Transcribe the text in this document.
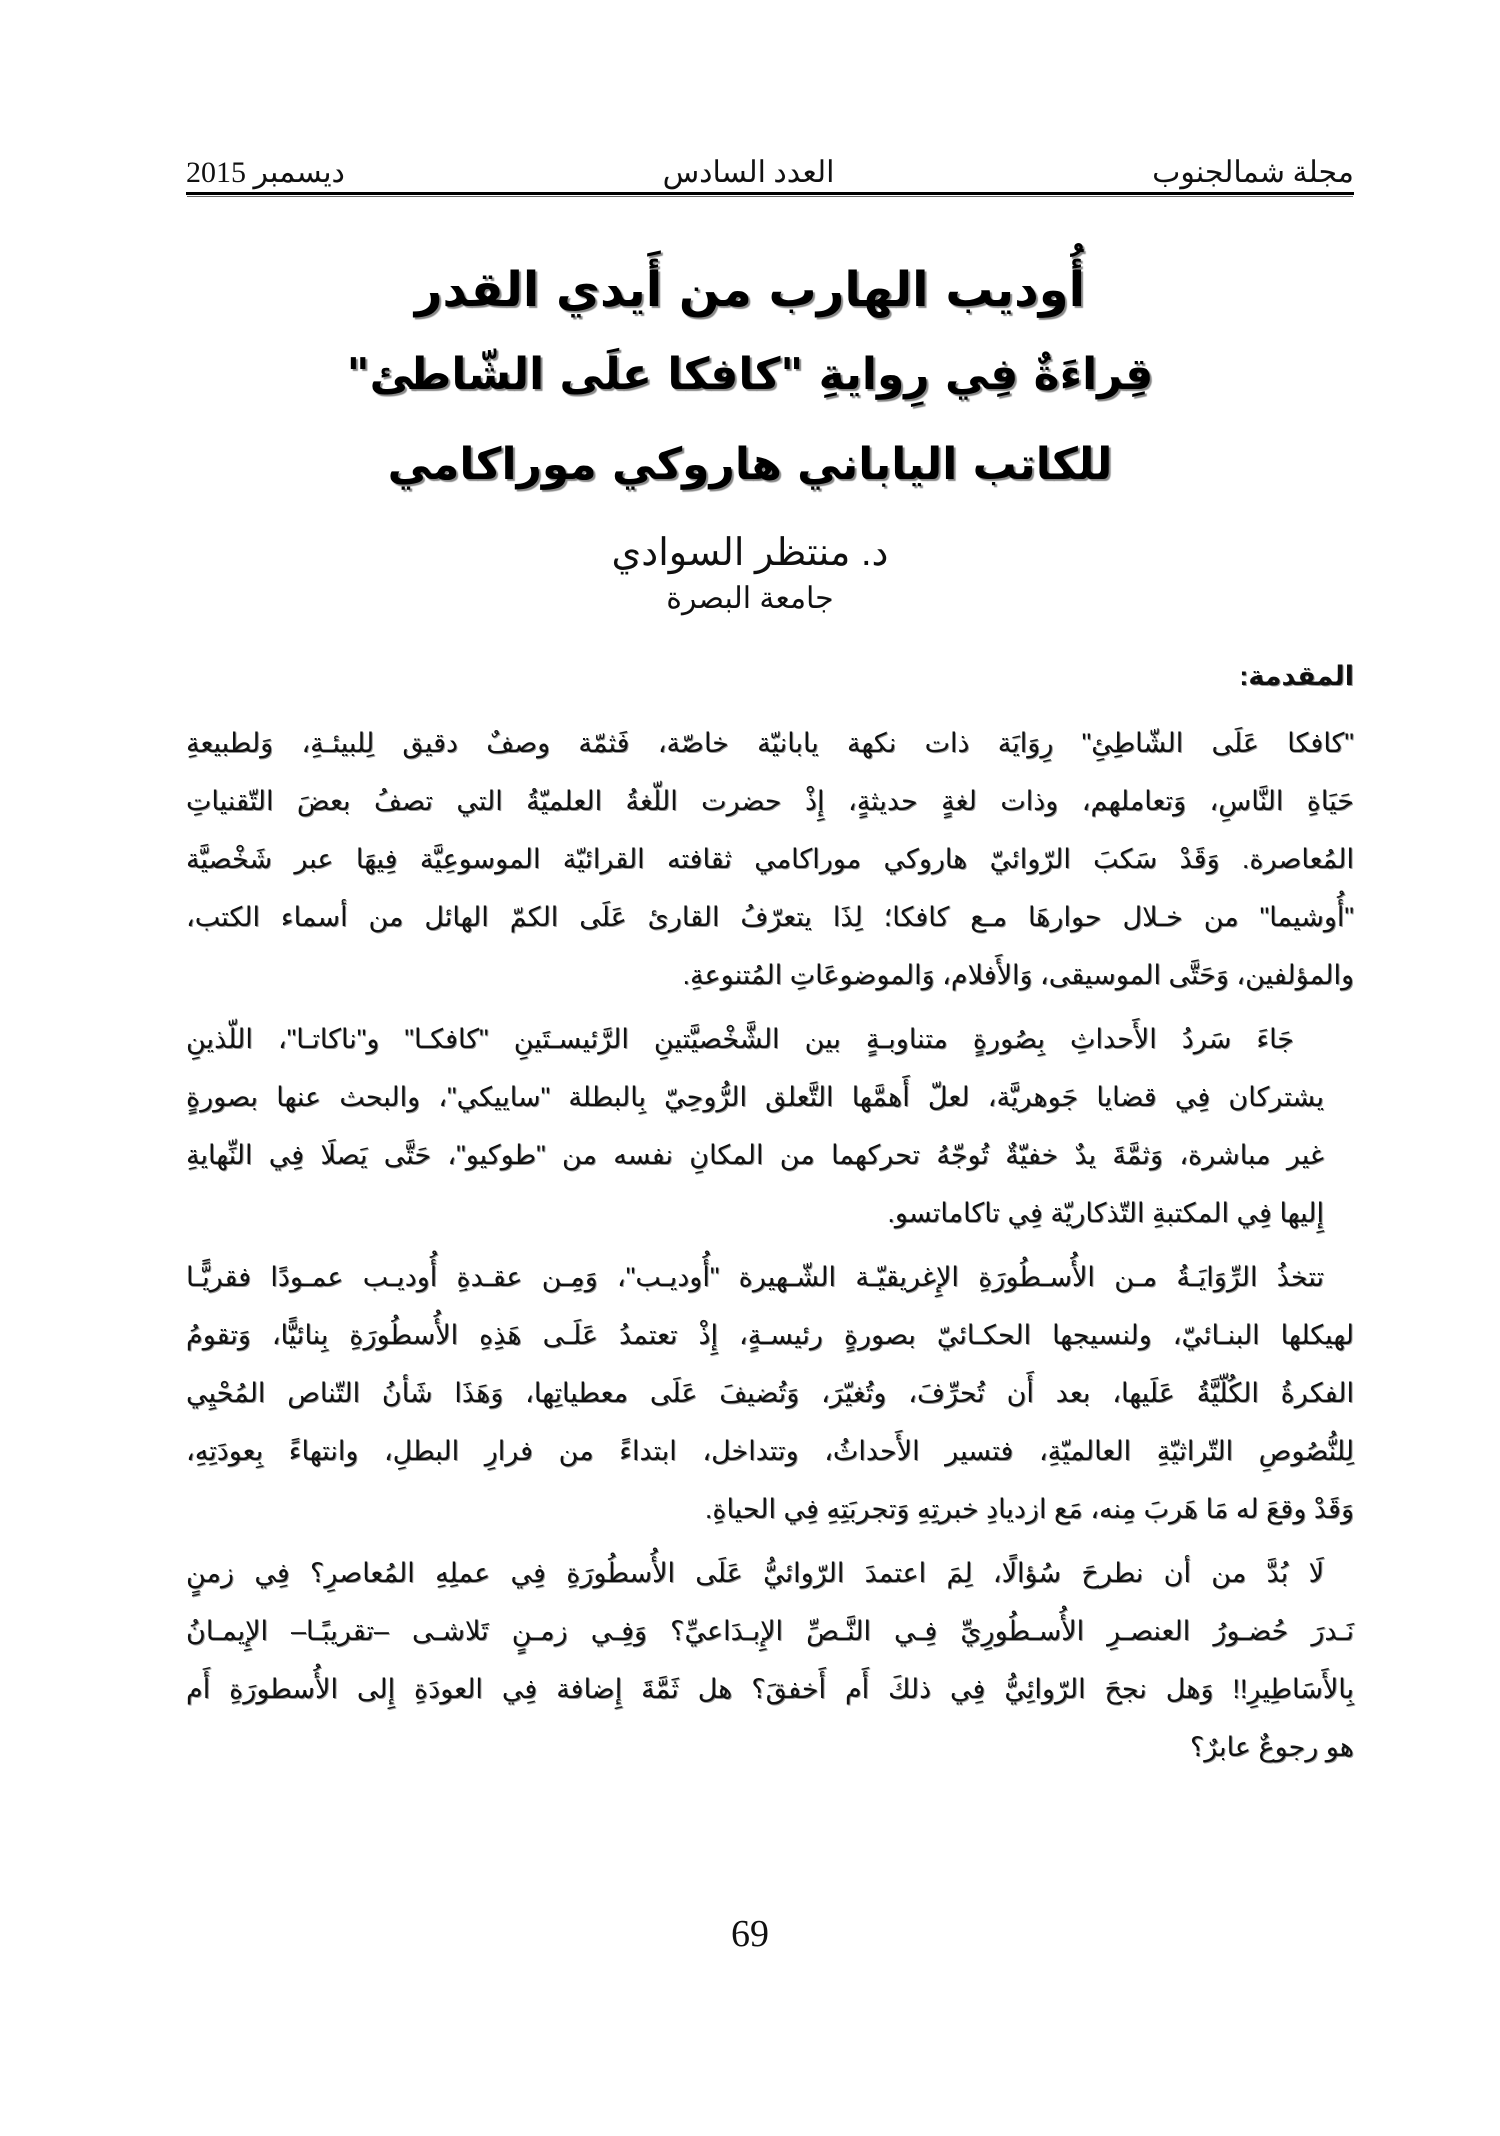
مجلة شمالجنوب
العدد السادس
ديسمبر 2015
أُوديب الهارب من أَيدي القدر
قِراءَةٌ فِي رِوايةِ "كافكا علَى الشّاطئ"
للكاتب الياباني هاروكي موراكامي
د. منتظر السوادي
جامعة البصرة
المقدمة:
"كافكا عَلَى الشّاطِئِ" رِوَايَة ذات نكهة يابانيّة خاصّة، فَثمّة وصفٌ دقيق لِلبيئـةِ، وَلطبيعةِ
حَيَاةِ النَّاسِ، وَتعاملهم، وذات لغةٍ حديثةٍ، إِذْ حضرت اللّغةُ العلميّةُ التي تصفُ بعضَ التّقنياتِ
المُعاصرة. وَقَدْ سَكبَ الرّوائيّ هاروكي موراكامي ثقافته القرائيّة الموسوعِيَّة فِيهَا عبر شَخْصيَّة
"أُوشيما" من خـلال حوارهَا مـع كافكا؛ لِذَا يتعرّفُ القارئ عَلَى الكمّ الهائل من أسماء الكتب،
والمؤلفين، وَحَتَّى الموسيقى، وَالأَفلام، وَالموضوعَاتِ المُتنوعةِ.
جَاءَ سَردُ الأَحداثِ بِصُورةٍ متناوبـةٍ بين الشَّخْصيَّتينِ الرَّئيسـتَينِ "كافكـا" و"ناكاتـا"، اللّذينِ
يشتركان فِي قضايا جَوهريَّة، لعلّ أَهمَّها التَّعلق الرُّوحِيّ بِالبطلة "ساييكي"، والبحث عنها بصورةٍ
غير مباشرة، وَثمَّةَ يدٌ خفيّةٌ تُوجّهُ تحركهما من المكانِ نفسه من "طوكيو"، حَتَّى يَصلَا فِي النِّهايةِ
إِليها فِي المكتبةِ التّذكاريّة فِي تاكاماتسو.
تتخذُ الرِّوَايَـةُ مـن الأُسـطُورَةِ الإِغريقيّـة الشّـهيرة "أُوديـب"، وَمِـن عقـدةِ أُوديـب عمـودًا فقريًّـا
لهيكلها البنـائيّ، ولنسيجها الحكـائيّ بصورةٍ رئيسـةٍ، إِذْ تعتمدُ عَلَـى هَذِهِ الأُسطُورَةِ بِنائيًّا، وَتقومُ
الفكرةُ الكُلّيَّةُ عَلَيها، بعد أَن تُحرِّفَ، وتُغيّرَ، وَتُضيفَ عَلَى معطياتِها، وَهَذَا شَأنُ التّناص المُحْيِي
لِلنُّصُوصِ التّراثيّةِ العالميّةِ، فتسير الأَحداثُ، وتتداخل، ابتداءً من فرارِ البطلِ، وانتهاءً بِعودَتِهِ،
وَقَدْ وقعَ له مَا هَربَ مِنه، مَع ازديادِ خبرتِهِ وَتجربَتِهِ فِي الحياةِ.
لَا بُدَّ من أن نطرحَ سُؤالًا، لِمَ اعتمدَ الرّوائيُّ عَلَى الأُسطُورَةِ فِي عملِهِ المُعاصرِ؟ فِي زمنٍ
نَـدرَ حُضـورُ العنصـرِ الأُسـطُورِيِّ فِـي النَّـصِّ الإِبـدَاعيِّ؟ وَفِـي زمـنٍ تَلاشـى –تقريبًـا– الإِيمـانُ
بِالأَسَاطِيرِ!! وَهل نجحَ الرّوائِيُّ فِي ذلكَ أَم أَخفقَ؟ هل ثَمَّةَ إِضافة فِي العودَةِ إِلى الأُسطورَةِ أَم
هو رجوعٌ عابرٌ؟
69
